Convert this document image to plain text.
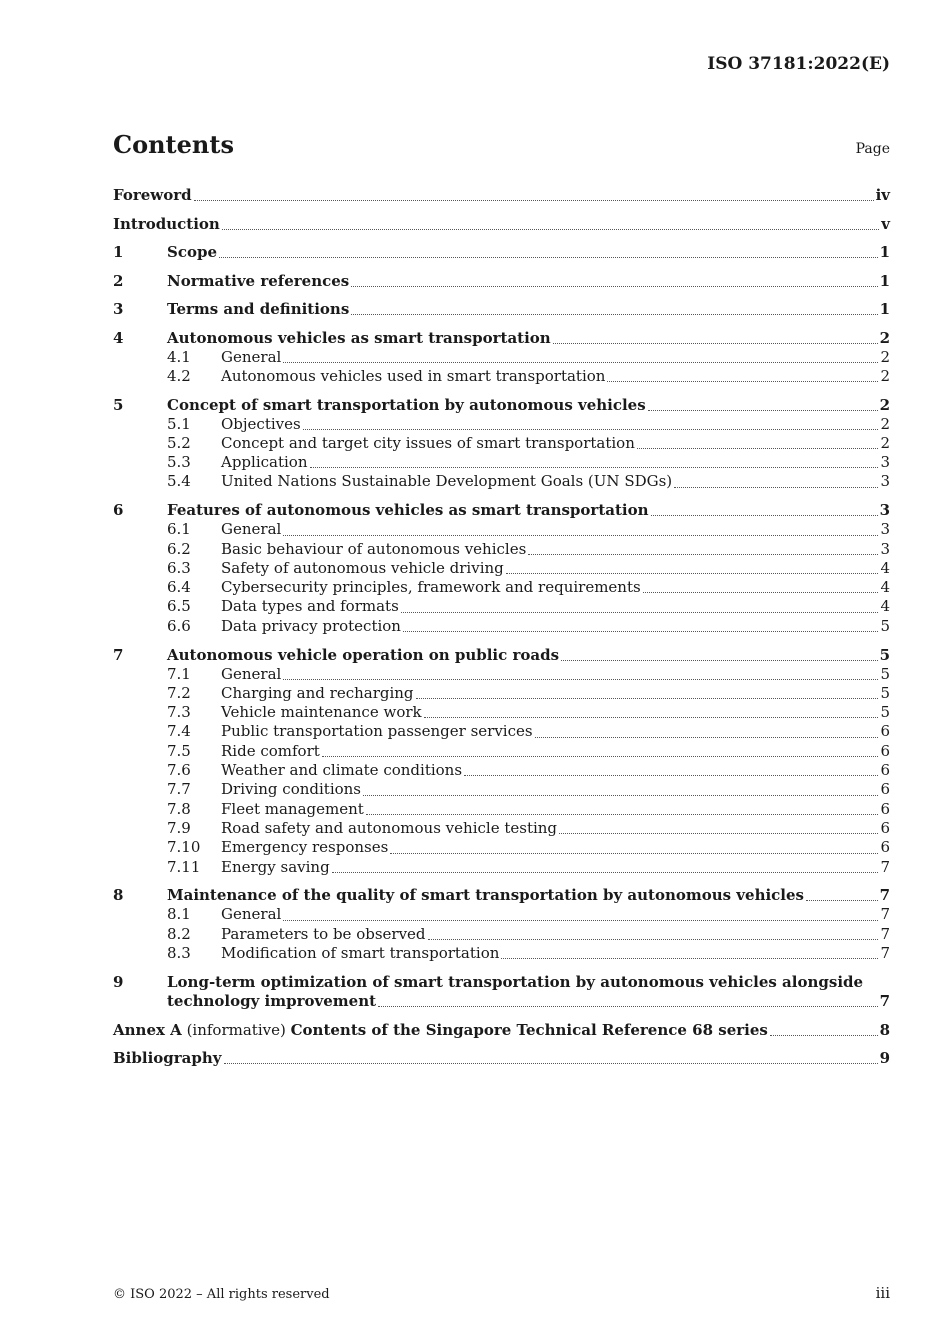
ISO 37181:2022(E)
Contents	Page
Foreword	iv
Introduction	v
1	Scope	1
2	Normative references	1
3	Terms and definitions	1
4	Autonomous vehicles as smart transportation	2
4.1	General	2
4.2	Autonomous vehicles used in smart transportation	2
5	Concept of smart transportation by autonomous vehicles	2
5.1	Objectives	2
5.2	Concept and target city issues of smart transportation	2
5.3	Application	3
5.4	United Nations Sustainable Development Goals (UN SDGs)	3
6	Features of autonomous vehicles as smart transportation	3
6.1	General	3
6.2	Basic behaviour of autonomous vehicles	3
6.3	Safety of autonomous vehicle driving	4
6.4	Cybersecurity principles, framework and requirements	4
6.5	Data types and formats	4
6.6	Data privacy protection	5
7	Autonomous vehicle operation on public roads	5
7.1	General	5
7.2	Charging and recharging	5
7.3	Vehicle maintenance work	5
7.4	Public transportation passenger services	6
7.5	Ride comfort	6
7.6	Weather and climate conditions	6
7.7	Driving conditions	6
7.8	Fleet management	6
7.9	Road safety and autonomous vehicle testing	6
7.10	Emergency responses	6
7.11	Energy saving	7
8	Maintenance of the quality of smart transportation by autonomous vehicles	7
8.1	General	7
8.2	Parameters to be observed	7
8.3	Modification of smart transportation	7
9	Long-term optimization of smart transportation by autonomous vehicles alongside
technology improvement	7
Annex A (informative) Contents of the Singapore Technical Reference 68 series	8
Bibliography	9
© ISO 2022 – All rights reserved	iii
